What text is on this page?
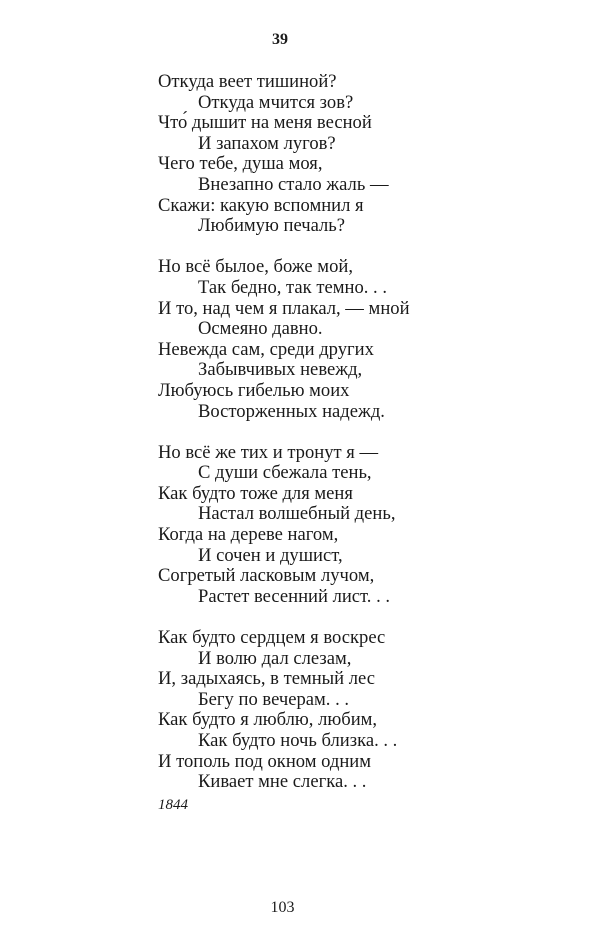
39
Откуда веет тишиной?
Откуда мчится зов?
Что́ дышит на меня весной
И запахом лугов?
Чего тебе, душа моя,
Внезапно стало жаль —
Скажи: какую вспомнил я
Любимую печаль?
Но всё былое, боже мой,
Так бедно, так темно. . .
И то, над чем я плакал, — мной
Осмеяно давно.
Невежда сам, среди других
Забывчивых невежд,
Любуюсь гибелью моих
Восторженных надежд.
Но всё же тих и тронут я —
С души сбежала тень,
Как будто тоже для меня
Настал волшебный день,
Когда на дереве нагом,
И сочен и душист,
Согретый ласковым лучом,
Растет весенний лист. . .
Как будто сердцем я воскрес
И волю дал слезам,
И, задыхаясь, в темный лес
Бегу по вечерам. . .
Как будто я люблю, любим,
Как будто ночь близка. . .
И тополь под окном одним
Кивает мне слегка. . .
1844
103
